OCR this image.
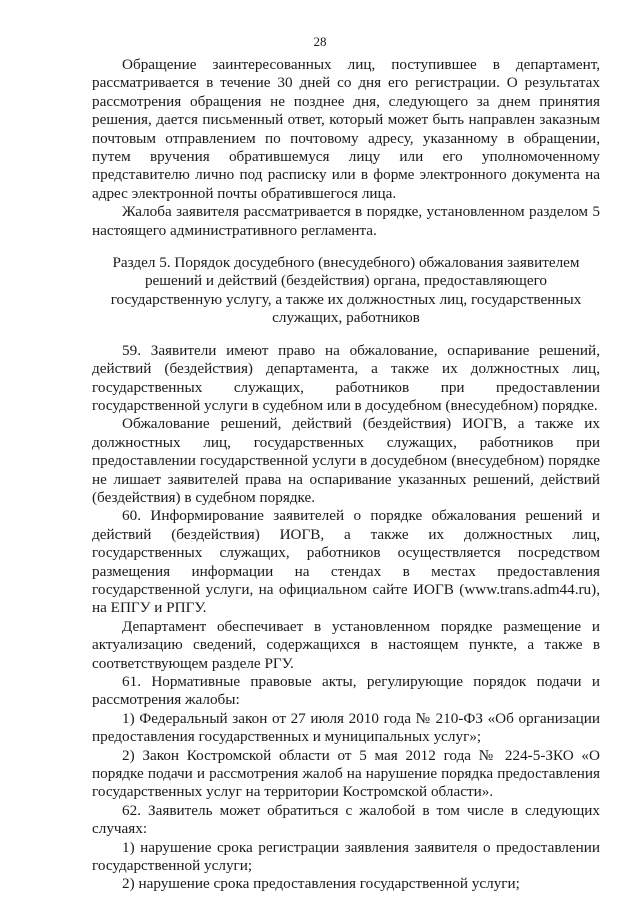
28

Обращение заинтересованных лиц, поступившее в департамент, рассматривается в течение 30 дней со дня его регистрации. О результатах рассмотрения обращения не позднее дня, следующего за днем принятия решения, дается письменный ответ, который может быть направлен заказным почтовым отправлением по почтовому адресу, указанному в обращении, путем вручения обратившемуся лицу или его уполномоченному представителю лично под расписку или в форме электронного документа на адрес электронной почты обратившегося лица.

Жалоба заявителя рассматривается в порядке, установленном разделом 5 настоящего административного регламента.

Раздел 5. Порядок досудебного (внесудебного) обжалования заявителем решений и действий (бездействия) органа, предоставляющего государственную услугу, а также их должностных лиц, государственных служащих, работников

59. Заявители имеют право на обжалование, оспаривание решений, действий (бездействия) департамента, а также их должностных лиц, государственных служащих, работников при предоставлении государственной услуги в судебном или в досудебном (внесудебном) порядке.

Обжалование решений, действий (бездействия) ИОГВ, а также их должностных лиц, государственных служащих, работников при предоставлении государственной услуги в досудебном (внесудебном) порядке не лишает заявителей права на оспаривание указанных решений, действий (бездействия) в судебном порядке.

60. Информирование заявителей о порядке обжалования решений и действий (бездействия) ИОГВ, а также их должностных лиц, государственных служащих, работников осуществляется посредством размещения информации на стендах в местах предоставления государственной услуги, на официальном сайте ИОГВ (www.trans.adm44.ru), на ЕПГУ и РПГУ.

Департамент обеспечивает в установленном порядке размещение и актуализацию сведений, содержащихся в настоящем пункте, а также в соответствующем разделе РГУ.

61. Нормативные правовые акты, регулирующие порядок подачи и рассмотрения жалобы:

1) Федеральный закон от 27 июля 2010 года № 210-ФЗ «Об организации предоставления государственных и муниципальных услуг»;

2) Закон Костромской области от 5 мая 2012 года № 224-5-ЗКО «О порядке подачи и рассмотрения жалоб на нарушение порядка предоставления государственных услуг на территории Костромской области».

62. Заявитель может обратиться с жалобой в том числе в следующих случаях:

1) нарушение срока регистрации заявления заявителя о предоставлении государственной услуги;

2) нарушение срока предоставления государственной услуги;
